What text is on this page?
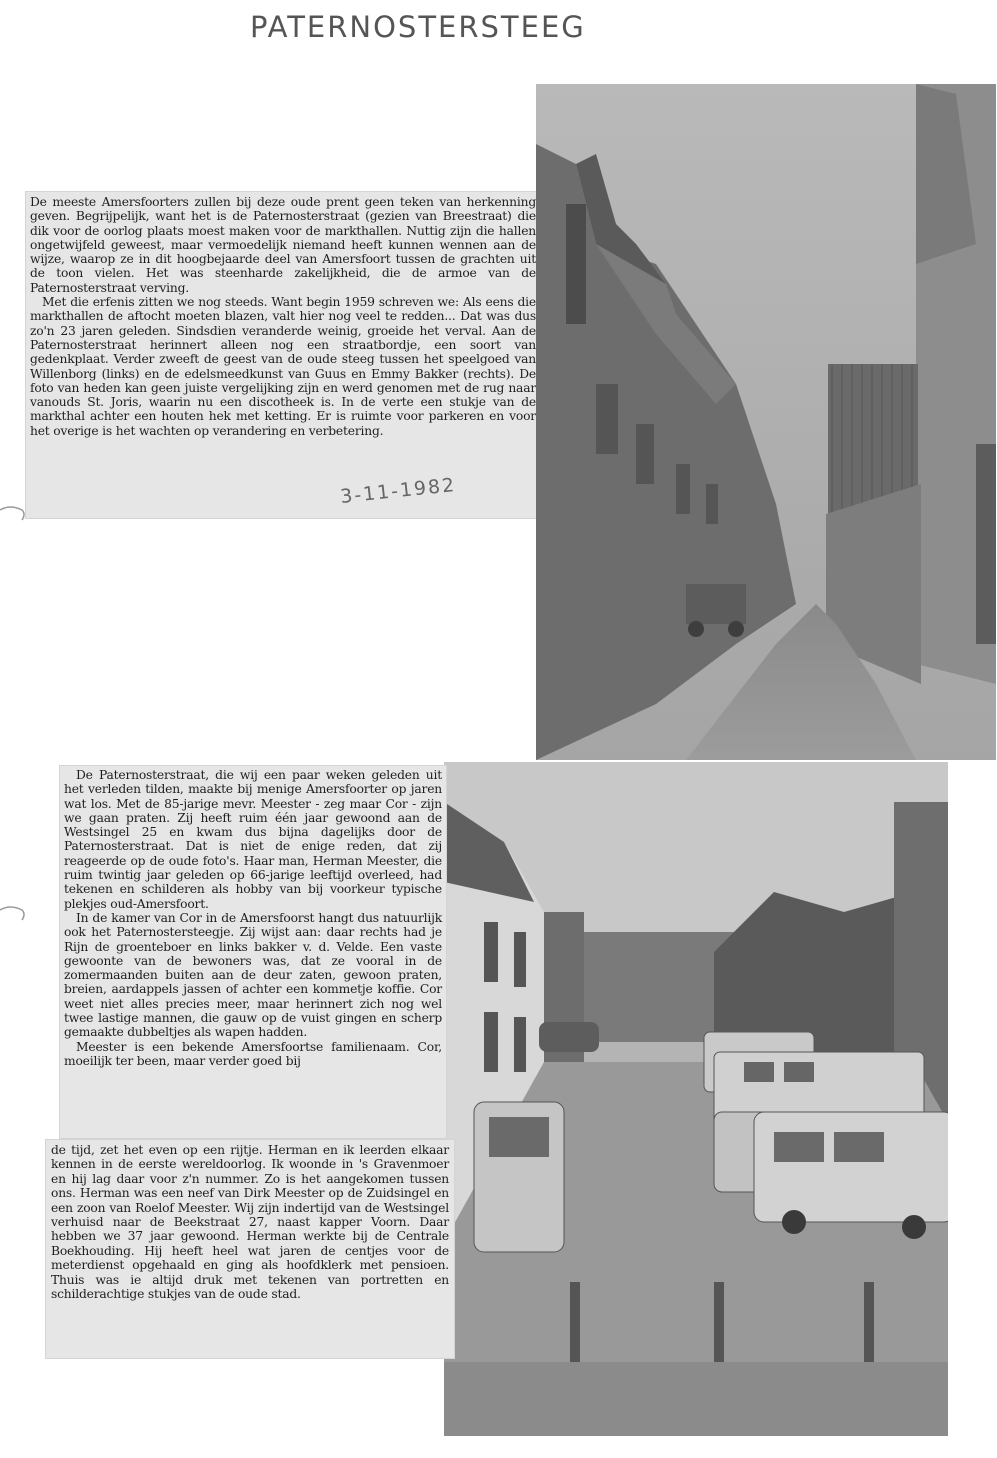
PATERNOSTERSTEEG

De meeste Amersfoorters zullen bij deze oude prent geen teken van herkenning geven. Begrijpelijk, want het is de Paternosterstraat (gezien van Breestraat) die dik voor de oorlog plaats moest maken voor de markthallen. Nuttig zijn die hallen ongetwijfeld geweest, maar vermoedelijk niemand heeft kunnen wennen aan de wijze, waarop ze in dit hoogbejaarde deel van Amersfoort tussen de grachten uit de toon vielen. Het was steenharde zakelijkheid, die de armoe van de Paternosterstraat verving.

Met die erfenis zitten we nog steeds. Want begin 1959 schreven we: Als eens die markthallen de aftocht moeten blazen, valt hier nog veel te redden... Dat was dus zo'n 23 jaren geleden. Sindsdien veranderde weinig, groeide het verval. Aan de Paternosterstraat herinnert alleen nog een straatbordje, een soort van gedenkplaat. Verder zweeft de geest van de oude steeg tussen het speelgoed van Willenborg (links) en de edelsmeedkunst van Guus en Emmy Bakker (rechts). De foto van heden kan geen juiste vergelijking zijn en werd genomen met de rug naar vanouds St. Joris, waarin nu een discotheek is. In de verte een stukje van de markthal achter een houten hek met ketting. Er is ruimte voor parkeren en voor het overige is het wachten op verandering en verbetering.

3-11-1982

De Paternosterstraat, die wij een paar weken geleden uit het verleden tilden, maakte bij menige Amersfoorter op jaren wat los. Met de 85-jarige mevr. Meester - zeg maar Cor - zijn we gaan praten. Zij heeft ruim één jaar gewoond aan de Westsingel 25 en kwam dus bijna dagelijks door de Paternosterstraat. Dat is niet de enige reden, dat zij reageerde op de oude foto's. Haar man, Herman Meester, die ruim twintig jaar geleden op 66-jarige leeftijd overleed, had tekenen en schilderen als hobby van bij voorkeur typische plekjes oud-Amersfoort.

In de kamer van Cor in de Amersfoorst hangt dus natuurlijk ook het Paternostersteegje. Zij wijst aan: daar rechts had je Rijn de groenteboer en links bakker v. d. Velde. Een vaste gewoonte van de bewoners was, dat ze vooral in de zomermaanden buiten aan de deur zaten, gewoon praten, breien, aardappels jassen of achter een kommetje koffie. Cor weet niet alles precies meer, maar herinnert zich nog wel twee lastige mannen, die gauw op de vuist gingen en scherp gemaakte dubbeltjes als wapen hadden.

Meester is een bekende Amersfoortse familienaam. Cor, moeilijk ter been, maar verder goed bij

de tijd, zet het even op een rijtje. Herman en ik leerden elkaar kennen in de eerste wereldoorlog. Ik woonde in 's Gravenmoer en hij lag daar voor z'n nummer. Zo is het aangekomen tussen ons. Herman was een neef van Dirk Meester op de Zuidsingel en een zoon van Roelof Meester. Wij zijn indertijd van de Westsingel verhuisd naar de Beekstraat 27, naast kapper Voorn. Daar hebben we 37 jaar gewoond. Herman werkte bij de Centrale Boekhouding. Hij heeft heel wat jaren de centjes voor de meterdienst opgehaald en ging als hoofdklerk met pensioen. Thuis was ie altijd druk met tekenen van portretten en schilderachtige stukjes van de oude stad.
